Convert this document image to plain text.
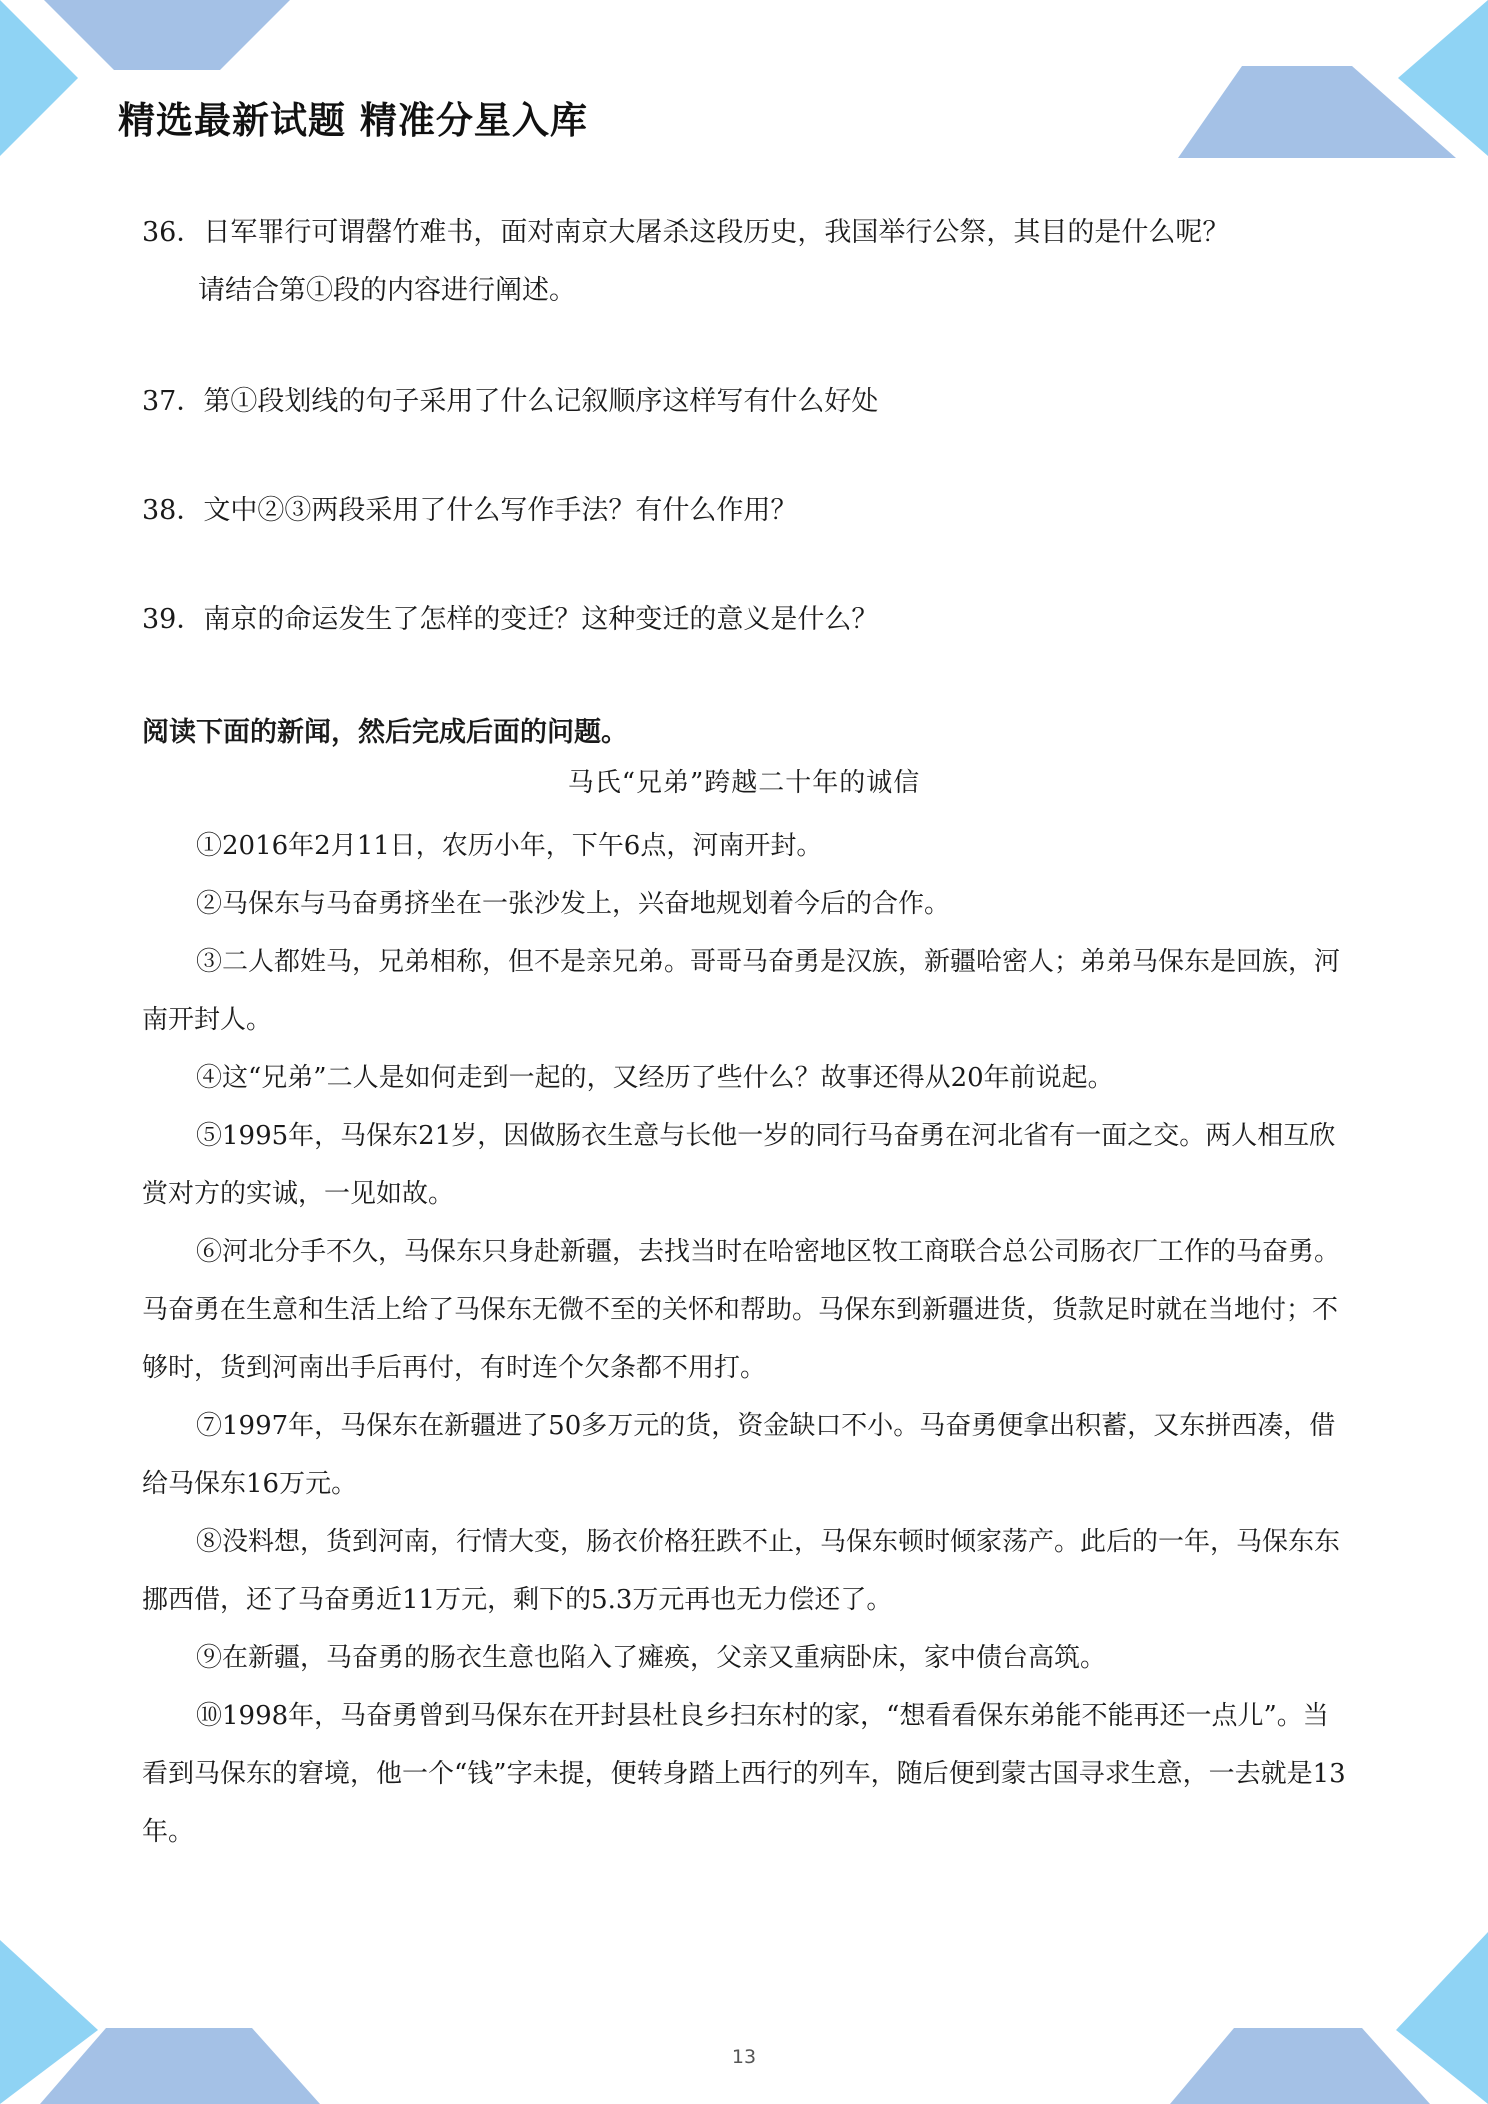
精选最新试题 精准分星入库
36．日军罪行可谓罄竹难书，面对南京大屠杀这段历史，我国举行公祭，其目的是什么呢？
请结合第①段的内容进行阐述。
37．第①段划线的句子采用了什么记叙顺序这样写有什么好处
38．文中②③两段采用了什么写作手法？有什么作用？
39．南京的命运发生了怎样的变迁？这种变迁的意义是什么？
阅读下面的新闻，然后完成后面的问题。
马氏“兄弟”跨越二十年的诚信

①2016年2月11日，农历小年，下午6点，河南开封。

②马保东与马奋勇挤坐在一张沙发上，兴奋地规划着今后的合作。

③二人都姓马，兄弟相称，但不是亲兄弟。哥哥马奋勇是汉族，新疆哈密人；弟弟马保东是回族，河南开封人。

④这“兄弟”二人是如何走到一起的，又经历了些什么？故事还得从20年前说起。

⑤1995年，马保东21岁，因做肠衣生意与长他一岁的同行马奋勇在河北省有一面之交。两人相互欣赏对方的实诚，一见如故。

⑥河北分手不久，马保东只身赴新疆，去找当时在哈密地区牧工商联合总公司肠衣厂工作的马奋勇。马奋勇在生意和生活上给了马保东无微不至的关怀和帮助。马保东到新疆进货，货款足时就在当地付；不够时，货到河南出手后再付，有时连个欠条都不用打。

⑦1997年，马保东在新疆进了50多万元的货，资金缺口不小。马奋勇便拿出积蓄，又东拼西凑，借给马保东16万元。

⑧没料想，货到河南，行情大变，肠衣价格狂跌不止，马保东顿时倾家荡产。此后的一年，马保东东挪西借，还了马奋勇近11万元，剩下的5.3万元再也无力偿还了。

⑨在新疆，马奋勇的肠衣生意也陷入了瘫痪，父亲又重病卧床，家中债台高筑。

⑩1998年，马奋勇曾到马保东在开封县杜良乡扫东村的家，“想看看保东弟能不能再还一点儿”。当看到马保东的窘境，他一个“钱”字未提，便转身踏上西行的列车，随后便到蒙古国寻求生意，一去就是13年。

13
